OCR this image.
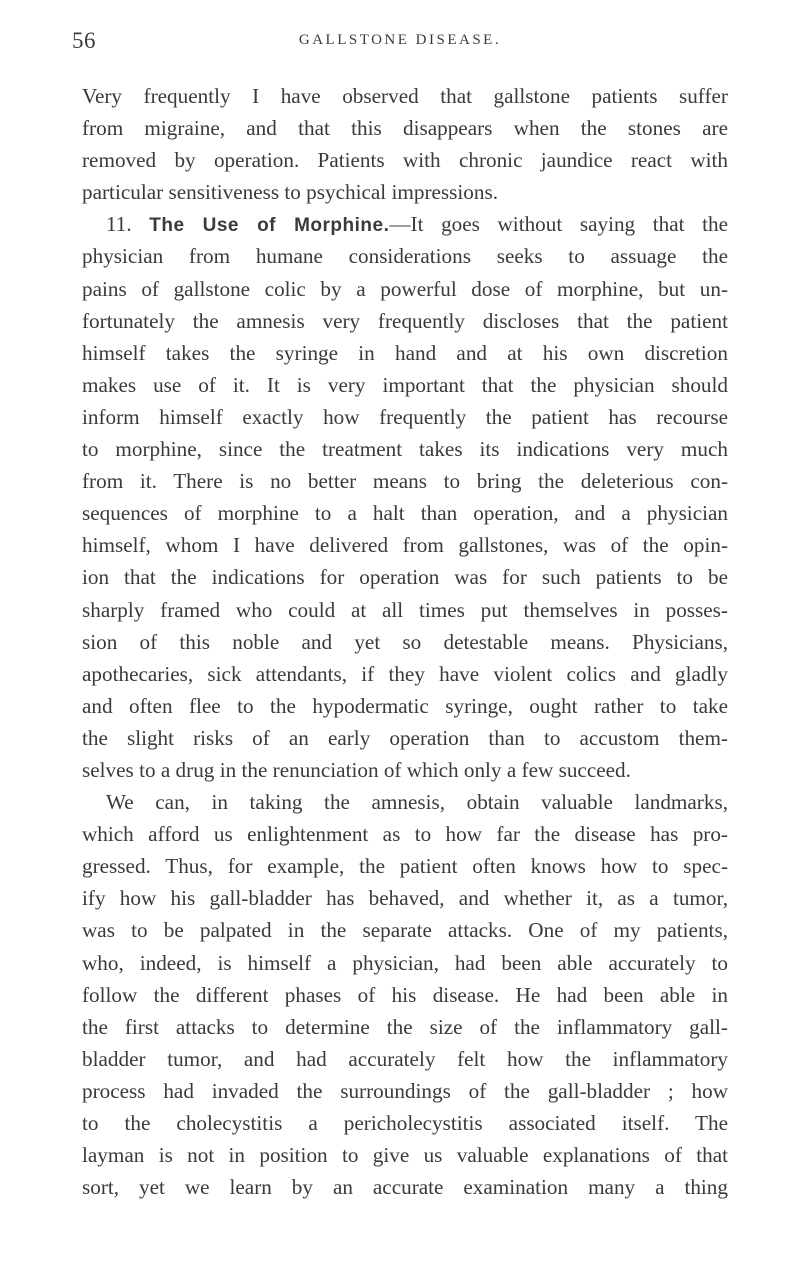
56	GALLSTONE DISEASE.
Very frequently I have observed that gallstone patients suffer
from migraine, and that this disappears when the stones are
removed by operation. Patients with chronic jaundice react with
particular sensitiveness to psychical impressions.
11. The Use of Morphine.—It goes without saying that the
physician from humane considerations seeks to assuage the
pains of gallstone colic by a powerful dose of morphine, but un-
fortunately the amnesis very frequently discloses that the patient
himself takes the syringe in hand and at his own discretion
makes use of it. It is very important that the physician should
inform himself exactly how frequently the patient has recourse
to morphine, since the treatment takes its indications very much
from it. There is no better means to bring the deleterious con-
sequences of morphine to a halt than operation, and a physician
himself, whom I have delivered from gallstones, was of the opin-
ion that the indications for operation was for such patients to be
sharply framed who could at all times put themselves in posses-
sion of this noble and yet so detestable means. Physicians,
apothecaries, sick attendants, if they have violent colics and gladly
and often flee to the hypodermatic syringe, ought rather to take
the slight risks of an early operation than to accustom them-
selves to a drug in the renunciation of which only a few succeed.
We can, in taking the amnesis, obtain valuable landmarks,
which afford us enlightenment as to how far the disease has pro-
gressed. Thus, for example, the patient often knows how to spec-
ify how his gall-bladder has behaved, and whether it, as a tumor,
was to be palpated in the separate attacks. One of my patients,
who, indeed, is himself a physician, had been able accurately to
follow the different phases of his disease. He had been able in
the first attacks to determine the size of the inflammatory gall-
bladder tumor, and had accurately felt how the inflammatory
process had invaded the surroundings of the gall-bladder ; how
to the cholecystitis a pericholecystitis associated itself. The
layman is not in position to give us valuable explanations of that
sort, yet we learn by an accurate examination many a thing
